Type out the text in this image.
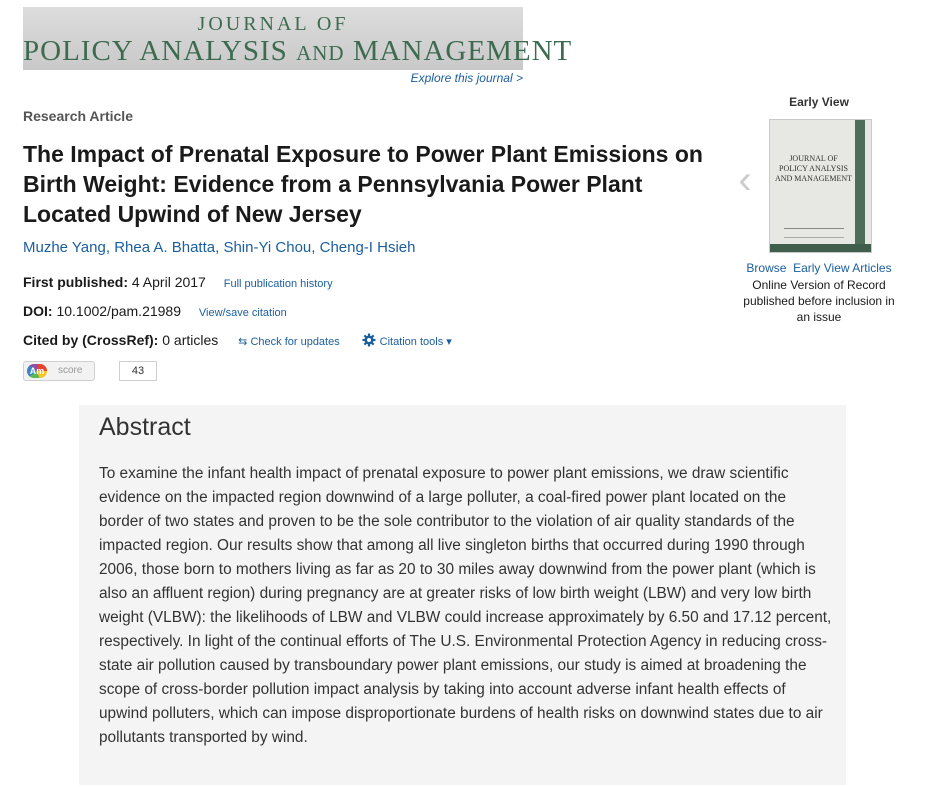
JOURNAL OF
POLICY ANALYSIS AND MANAGEMENT
Explore this journal >
Research Article
The Impact of Prenatal Exposure to Power Plant Emissions on Birth Weight: Evidence from a Pennsylvania Power Plant Located Upwind of New Jersey
Muzhe Yang, Rhea A. Bhatta, Shin-Yi Chou, Cheng-I Hsieh
First published: 4 April 2017 Full publication history
DOI: 10.1002/pam.21989 View/save citation
Cited by (CrossRef): 0 articles ⇆ Check for updates	Citation tools ▾
Am score	43
Early View
‹	JOURNAL OF POLICY ANALYSIS AND MANAGEMENT
Browse Early View Articles
Online Version of Record published before inclusion in an issue
Abstract

To examine the infant health impact of prenatal exposure to power plant emissions, we draw scientific evidence on the impacted region downwind of a large polluter, a coal-fired power plant located on the border of two states and proven to be the sole contributor to the violation of air quality standards of the impacted region. Our results show that among all live singleton births that occurred during 1990 through 2006, those born to mothers living as far as 20 to 30 miles away downwind from the power plant (which is also an affluent region) during pregnancy are at greater risks of low birth weight (LBW) and very low birth weight (VLBW): the likelihoods of LBW and VLBW could increase approximately by 6.50 and 17.12 percent, respectively. In light of the continual efforts of The U.S. Environmental Protection Agency in reducing cross-state air pollution caused by transboundary power plant emissions, our study is aimed at broadening the scope of cross-border pollution impact analysis by taking into account adverse infant health effects of upwind polluters, which can impose disproportionate burdens of health risks on downwind states due to air pollutants transported by wind.
